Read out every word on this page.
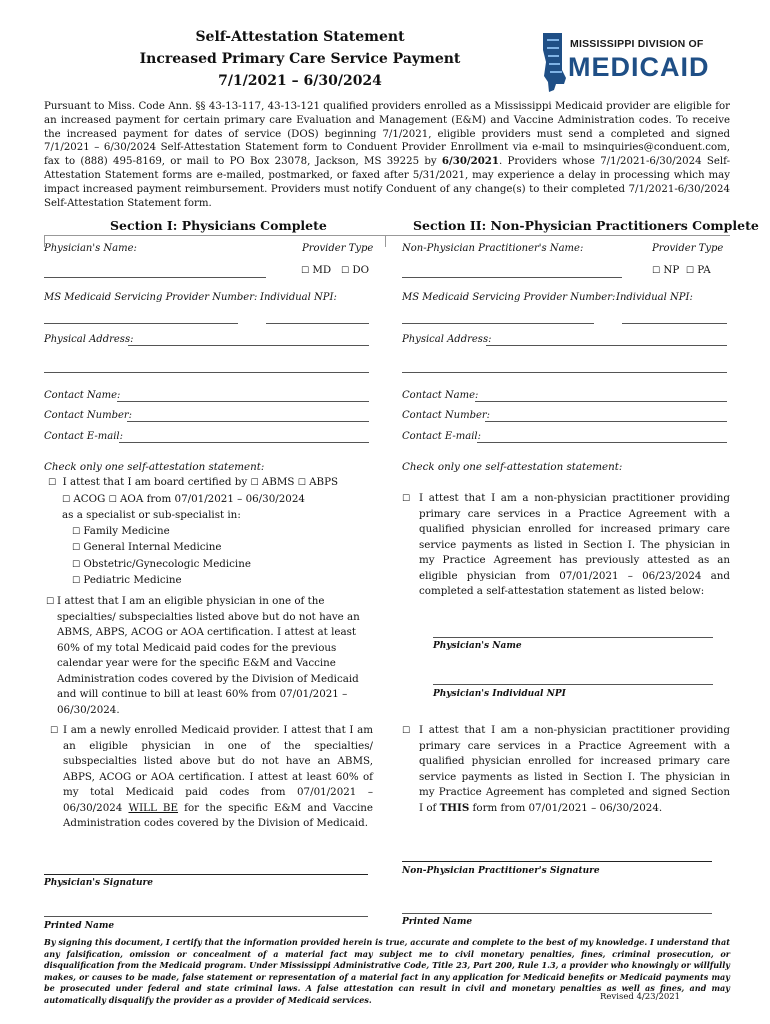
Self-Attestation Statement
Increased Primary Care Service Payment
7/1/2021 – 6/30/2024
MISSISSIPPI DIVISION OF
MEDICAID
Pursuant to Miss. Code Ann. §§ 43-13-117, 43-13-121 qualified providers enrolled as a Mississippi Medicaid provider are eligible for an increased payment for certain primary care Evaluation and Management (E&M) and Vaccine Administration codes. To receive the increased payment for dates of service (DOS) beginning 7/1/2021, eligible providers must send a completed and signed 7/1/2021 – 6/30/2024 Self-Attestation Statement form to Conduent Provider Enrollment via e-mail to msinquiries@conduent.com, fax to (888) 495-8169, or mail to PO Box 23078, Jackson, MS 39225 by 6/30/2021. Providers whose 7/1/2021-6/30/2024 Self-Attestation Statement forms are e-mailed, postmarked, or faxed after 5/31/2021, may experience a delay in processing which may impact increased payment reimbursement. Providers must notify Conduent of any change(s) to their completed 7/1/2021-6/30/2024 Self-Attestation Statement form.
Section I: Physicians Complete	Section II: Non-Physician Practitioners Complete
Physician's Name:	Provider Type
☐ MD ☐ DO
MS Medicaid Servicing Provider Number: Individual NPI:
Physical Address:
Contact Name:
Contact Number:
Contact E-mail:
Check only one self-attestation statement:
☐ I attest that I am board certified by ☐ ABMS ☐ ABPS
☐ ACOG ☐ AOA from 07/01/2021 – 06/30/2024
as a specialist or sub-specialist in:
☐ Family Medicine
☐ General Internal Medicine
☐ Obstetric/Gynecologic Medicine
☐ Pediatric Medicine
☐ I attest that I am an eligible physician in one of the specialties/ subspecialties listed above but do not have an ABMS, ABPS, ACOG or AOA certification. I attest at least 60% of my total Medicaid paid codes for the previous calendar year were for the specific E&M and Vaccine Administration codes covered by the Division of Medicaid and will continue to bill at least 60% from 07/01/2021 – 06/30/2024.
☐ I am a newly enrolled Medicaid provider. I attest that I am an eligible physician in one of the specialties/ subspecialties listed above but do not have an ABMS, ABPS, ACOG or AOA certification. I attest at least 60% of my total Medicaid paid codes from 07/01/2021 – 06/30/2024 WILL BE for the specific E&M and Vaccine Administration codes covered by the Division of Medicaid.
Physician's Signature
Printed Name
Non-Physician Practitioner's Name:	Provider Type
☐ NP ☐ PA
MS Medicaid Servicing Provider Number: Individual NPI:
Physical Address:
Contact Name:
Contact Number:
Contact E-mail:
Check only one self-attestation statement:
☐ I attest that I am a non-physician practitioner providing primary care services in a Practice Agreement with a qualified physician enrolled for increased primary care service payments as listed in Section I. The physician in my Practice Agreement has previously attested as an eligible physician from 07/01/2021 – 06/23/2024 and completed a self-attestation statement as listed below:
Physician's Name
Physician's Individual NPI
☐ I attest that I am a non-physician practitioner providing primary care services in a Practice Agreement with a qualified physician enrolled for increased primary care service payments as listed in Section I. The physician in my Practice Agreement has completed and signed Section I of THIS form from 07/01/2021 – 06/30/2024.
Non-Physician Practitioner's Signature
Printed Name
By signing this document, I certify that the information provided herein is true, accurate and complete to the best of my knowledge. I understand that any falsification, omission or concealment of a material fact may subject me to civil monetary penalties, fines, criminal prosecution, or disqualification from the Medicaid program. Under Mississippi Administrative Code, Title 23, Part 200, Rule 1.3, a provider who knowingly or willfully makes, or causes to be made, false statement or representation of a material fact in any application for Medicaid benefits or Medicaid payments may be prosecuted under federal and state criminal laws. A false attestation can result in civil and monetary penalties as well as fines, and may automatically disqualify the provider as a provider of Medicaid services.	Revised 4/23/2021
